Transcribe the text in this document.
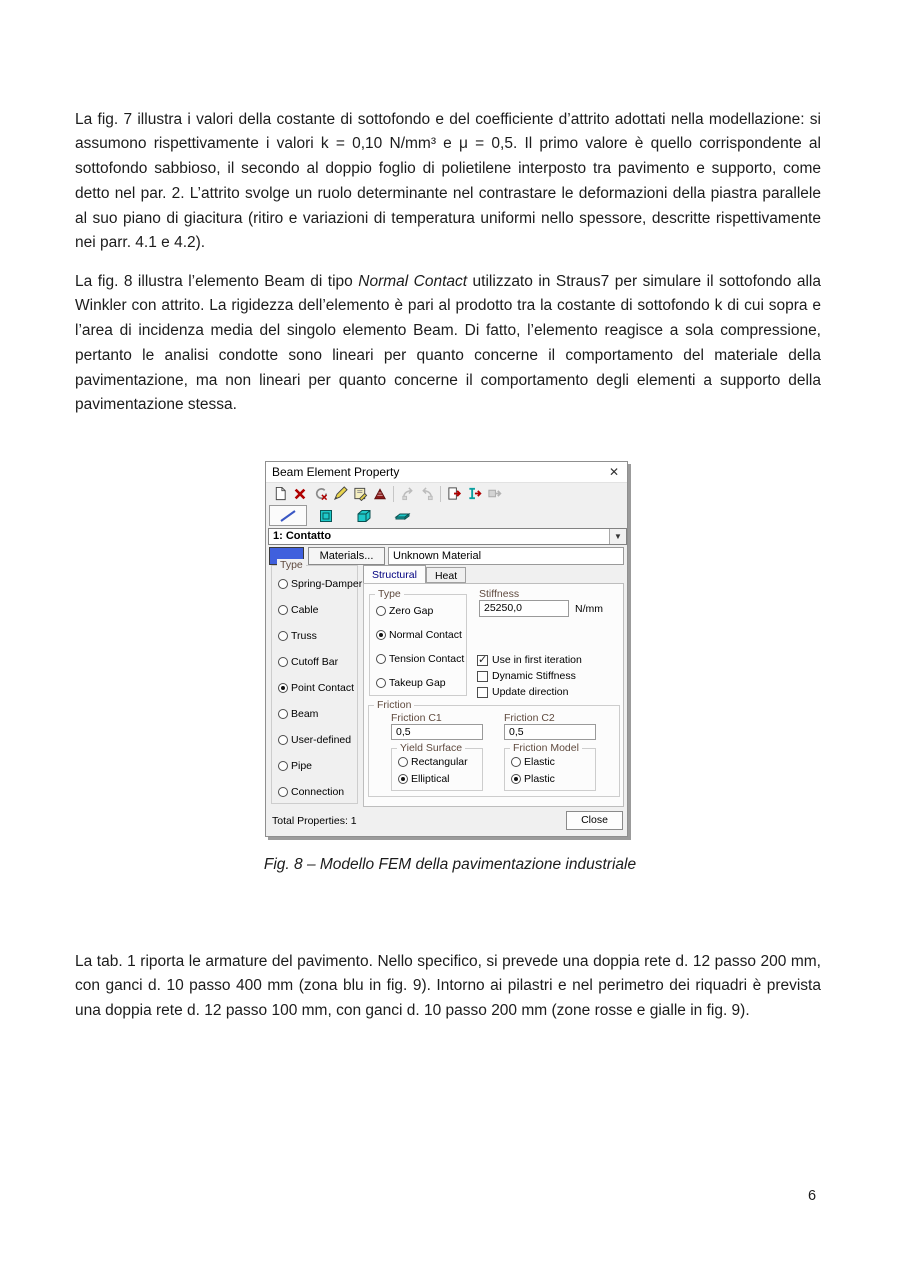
La fig. 7 illustra i valori della costante di sottofondo e del coefficiente d’attrito adottati nella modellazione: si assumono rispettivamente i valori k = 0,10 N/mm³ e μ = 0,5. Il primo valore è quello corrispondente al sottofondo sabbioso, il secondo al doppio foglio di polietilene interposto tra pavimento e supporto, come detto nel par. 2. L’attrito svolge un ruolo determinante nel contrastare le deformazioni della piastra parallele al suo piano di giacitura (ritiro e variazioni di temperatura uniformi nello spessore, descritte rispettivamente nei parr. 4.1 e 4.2).

La fig. 8 illustra l’elemento Beam di tipo Normal Contact utilizzato in Straus7 per simulare il sottofondo alla Winkler con attrito. La rigidezza dell’elemento è pari al prodotto tra la costante di sottofondo k di cui sopra e l’area di incidenza media del singolo elemento Beam. Di fatto, l’elemento reagisce a sola compressione, pertanto le analisi condotte sono lineari per quanto concerne il comportamento del materiale della pavimentazione, ma non lineari per quanto concerne il comportamento degli elementi a supporto della pavimentazione stessa.

Beam Element Property	✕
1: Contatto	▼
Materials...	Unknown Material
Type
Spring-Damper
Cable
Truss
Cutoff Bar
Point Contact
Beam
User-defined
Pipe
Connection
Structural	Heat
Type
Zero Gap
Normal Contact
Tension Contact
Takeup Gap
Stiffness
25250,0	N/mm
✓
Use in first iteration
Dynamic Stiffness
Update direction
Friction
Friction C1
0,5
Friction C2
0,5
Yield Surface
Rectangular
Elliptical
Friction Model
Elastic
Plastic
Total Properties: 1	Close
Fig. 8 – Modello FEM della pavimentazione industriale

La tab. 1 riporta le armature del pavimento. Nello specifico, si prevede una doppia rete d. 12 passo 200 mm, con ganci d. 10 passo 400 mm (zona blu in fig. 9). Intorno ai pilastri e nel perimetro dei riquadri è prevista una doppia rete d. 12 passo 100 mm, con ganci d. 10 passo 200 mm (zone rosse e gialle in fig. 9).

6
